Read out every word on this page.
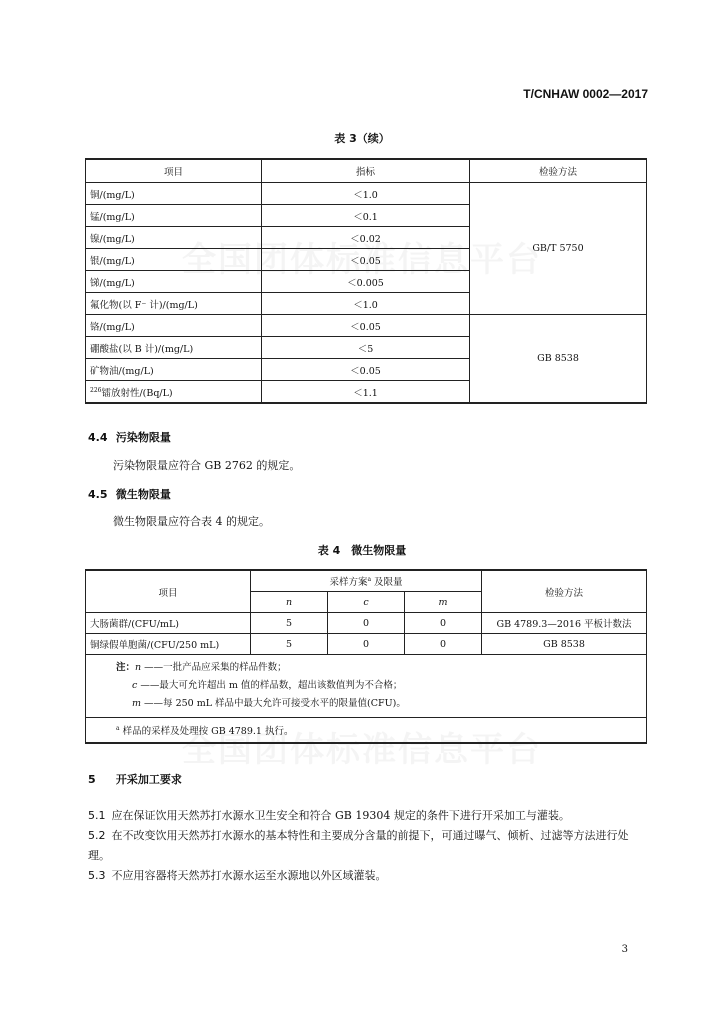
T/CNHAW 0002—2017
表 3（续）
项目	指标	检验方法
铜/(mg/L)	＜1.0	GB/T 5750
锰/(mg/L)	＜0.1	
镍/(mg/L)	＜0.02	
银/(mg/L)	＜0.05	
锑/(mg/L)	＜0.005	
氟化物(以 F⁻ 计)/(mg/L)	＜1.0	
铬/(mg/L)	＜0.05	GB 8538
硼酸盐(以 B 计)/(mg/L)	＜5	
矿物油/(mg/L)	＜0.05	
$^{226}$镭放射性/(Bq/L)	＜1.1	
4.4 污染物限量
污染物限量应符合 GB 2762 的规定。
4.5 微生物限量
微生物限量应符合表 4 的规定。
表 4　微生物限量
项目	采样方案$^a$ 及限量			检验方法
	n	c	m	
大肠菌群/(CFU/mL)	5	0	0	GB 4789.3—2016 平板计数法
铜绿假单胞菌/(CFU/250 mL)	5	0	0	GB 8538

注：n ——一批产品应采集的样品件数；
c ——最大可允许超出 m 值的样品数，超出该数值判为不合格；
m ——每 250 mL 样品中最大允许可接受水平的限量值(CFU)。				

$^a$ 样品的采样及处理按 GB 4789.1 执行。				
5 开采加工要求
5.1 应在保证饮用天然苏打水源水卫生安全和符合 GB 19304 规定的条件下进行开采加工与灌装。
5.2 在不改变饮用天然苏打水源水的基本特性和主要成分含量的前提下，可通过曝气、倾析、过滤等方法进行处理。
5.3 不应用容器将天然苏打水源水运至水源地以外区域灌装。
3
